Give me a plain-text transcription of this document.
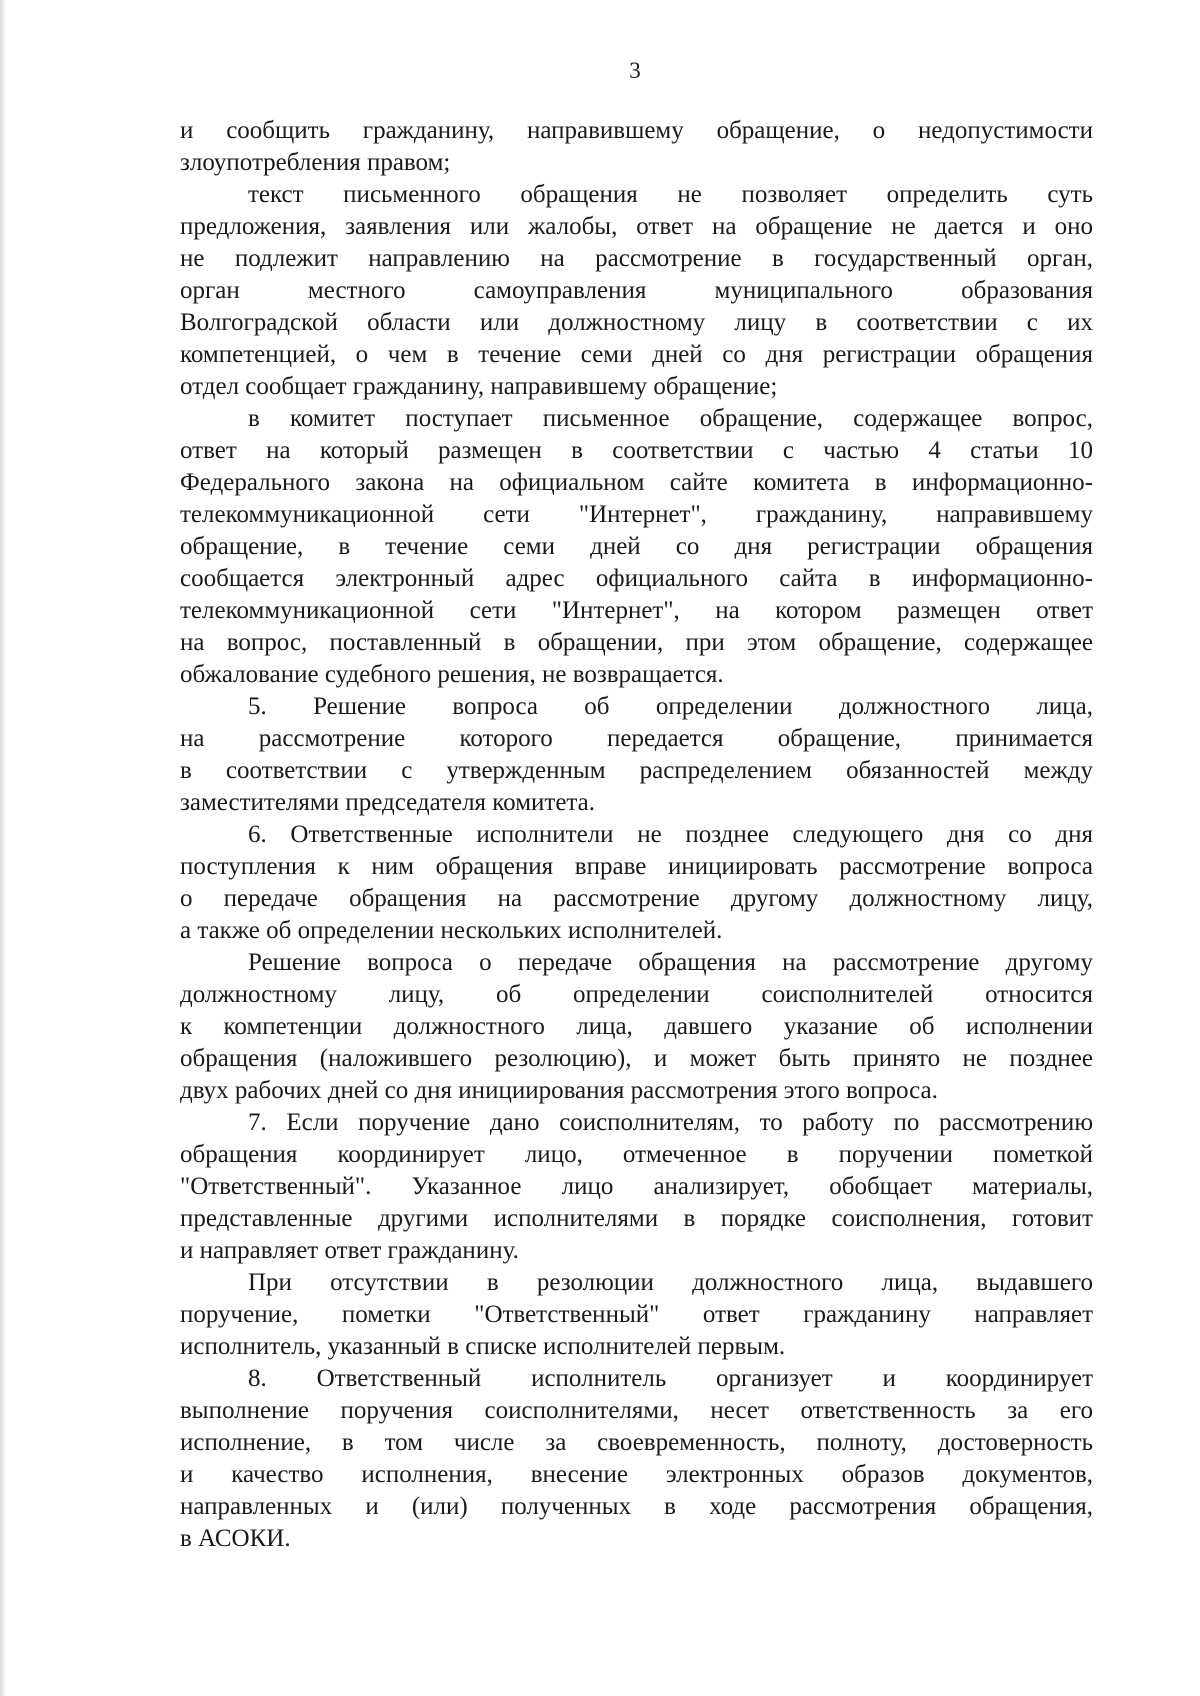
3

и сообщить гражданину, направившему обращение, о недопустимости

злоупотребления правом;

текст письменного обращения не позволяет определить суть

предложения, заявления или жалобы, ответ на обращение не дается и оно

не подлежит направлению на рассмотрение в государственный орган,

орган местного самоуправления муниципального образования

Волгоградской области или должностному лицу в соответствии с их

компетенцией, о чем в течение семи дней со дня регистрации обращения

отдел сообщает гражданину, направившему обращение;

в комитет поступает письменное обращение, содержащее вопрос,

ответ на который размещен в соответствии с частью 4 статьи 10

Федерального закона на официальном сайте комитета в информационно-

телекоммуникационной сети "Интернет", гражданину, направившему

обращение, в течение семи дней со дня регистрации обращения

сообщается электронный адрес официального сайта в информационно-

телекоммуникационной сети "Интернет", на котором размещен ответ

на вопрос, поставленный в обращении, при этом обращение, содержащее

обжалование судебного решения, не возвращается.

5. Решение вопроса об определении должностного лица,

на рассмотрение которого передается обращение, принимается

в соответствии с утвержденным распределением обязанностей между

заместителями председателя комитета.

6. Ответственные исполнители не позднее следующего дня со дня

поступления к ним обращения вправе инициировать рассмотрение вопроса

о передаче обращения на рассмотрение другому должностному лицу,

а также об определении нескольких исполнителей.

Решение вопроса о передаче обращения на рассмотрение другому

должностному лицу, об определении соисполнителей относится

к компетенции должностного лица, давшего указание об исполнении

обращения (наложившего резолюцию), и может быть принято не позднее

двух рабочих дней со дня инициирования рассмотрения этого вопроса.

7. Если поручение дано соисполнителям, то работу по рассмотрению

обращения координирует лицо, отмеченное в поручении пометкой

"Ответственный". Указанное лицо анализирует, обобщает материалы,

представленные другими исполнителями в порядке соисполнения, готовит

и направляет ответ гражданину.

При отсутствии в резолюции должностного лица, выдавшего

поручение, пометки "Ответственный" ответ гражданину направляет

исполнитель, указанный в списке исполнителей первым.

8. Ответственный исполнитель организует и координирует

выполнение поручения соисполнителями, несет ответственность за его

исполнение, в том числе за своевременность, полноту, достоверность

и качество исполнения, внесение электронных образов документов,

направленных и (или) полученных в ходе рассмотрения обращения,

в АСОКИ.
